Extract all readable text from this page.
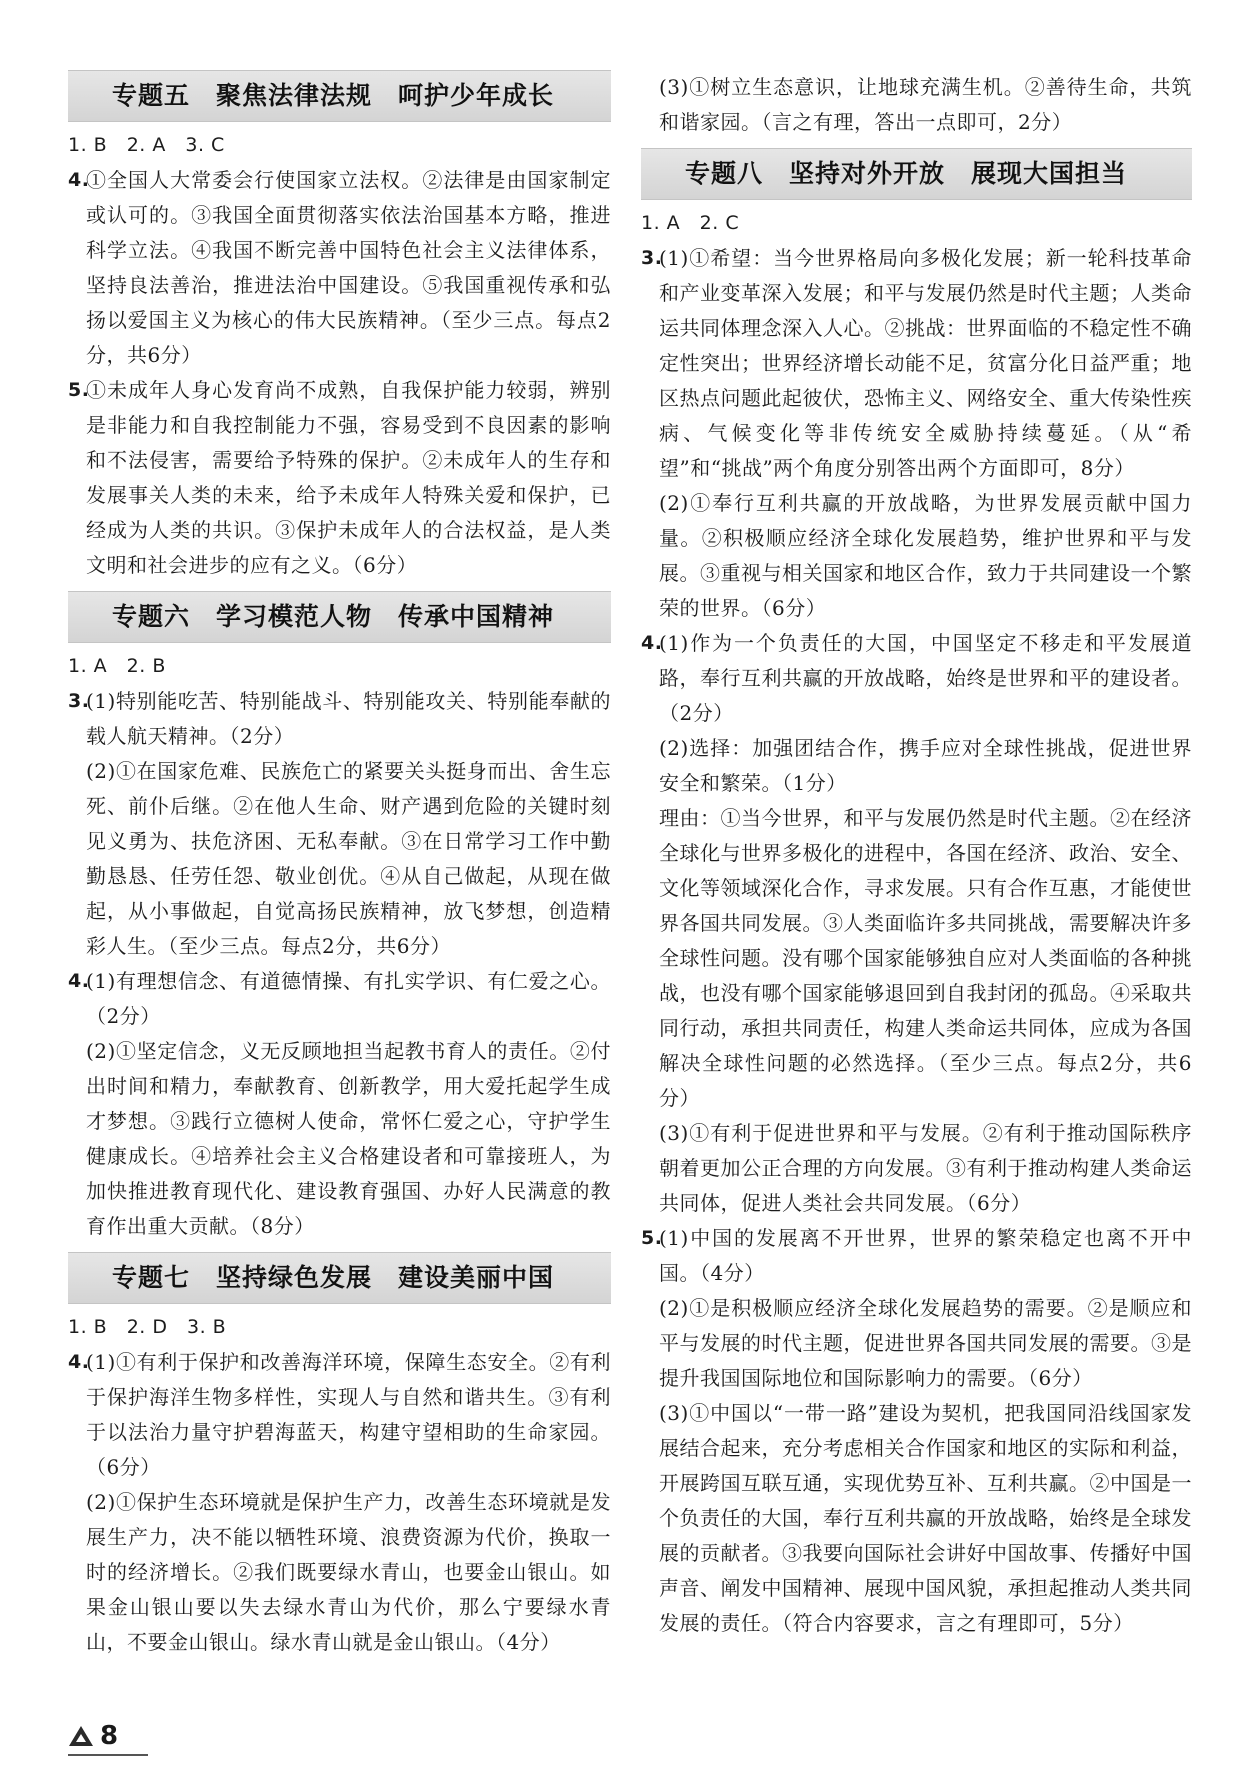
专题五　聚焦法律法规　呵护少年成长
1. B　2. A　3. C
4.
①全国人大常委会行使国家立法权。②法律是由国家制定或认可的。③我国全面贯彻落实依法治国基本方略，推进科学立法。④我国不断完善中国特色社会主义法律体系，坚持良法善治，推进法治中国建设。⑤我国重视传承和弘扬以爱国主义为核心的伟大民族精神。（至少三点。每点2分，共6分）
5.
①未成年人身心发育尚不成熟，自我保护能力较弱，辨别是非能力和自我控制能力不强，容易受到不良因素的影响和不法侵害，需要给予特殊的保护。②未成年人的生存和发展事关人类的未来，给予未成年人特殊关爱和保护，已经成为人类的共识。③保护未成年人的合法权益，是人类文明和社会进步的应有之义。（6分）
专题六　学习模范人物　传承中国精神
1. A　2. B
3.
(1)特别能吃苦、特别能战斗、特别能攻关、特别能奉献的载人航天精神。（2分）
(2)①在国家危难、民族危亡的紧要关头挺身而出、舍生忘死、前仆后继。②在他人生命、财产遇到危险的关键时刻见义勇为、扶危济困、无私奉献。③在日常学习工作中勤勤恳恳、任劳任怨、敬业创优。④从自己做起，从现在做起，从小事做起，自觉高扬民族精神，放飞梦想，创造精彩人生。（至少三点。每点2分，共6分）
4.
(1)有理想信念、有道德情操、有扎实学识、有仁爱之心。（2分）
(2)①坚定信念，义无反顾地担当起教书育人的责任。②付出时间和精力，奉献教育、创新教学，用大爱托起学生成才梦想。③践行立德树人使命，常怀仁爱之心，守护学生健康成长。④培养社会主义合格建设者和可靠接班人，为加快推进教育现代化、建设教育强国、办好人民满意的教育作出重大贡献。（8分）
专题七　坚持绿色发展　建设美丽中国
1. B　2. D　3. B
4.
(1)①有利于保护和改善海洋环境，保障生态安全。②有利于保护海洋生物多样性，实现人与自然和谐共生。③有利于以法治力量守护碧海蓝天，构建守望相助的生命家园。（6分）
(2)①保护生态环境就是保护生产力，改善生态环境就是发展生产力，决不能以牺牲环境、浪费资源为代价，换取一时的经济增长。②我们既要绿水青山，也要金山银山。如果金山银山要以失去绿水青山为代价，那么宁要绿水青山，不要金山银山。绿水青山就是金山银山。（4分）
(3)①树立生态意识，让地球充满生机。②善待生命，共筑和谐家园。（言之有理，答出一点即可，2分）
专题八　坚持对外开放　展现大国担当
1. A　2. C
3.
(1)①希望：当今世界格局向多极化发展；新一轮科技革命和产业变革深入发展；和平与发展仍然是时代主题；人类命运共同体理念深入人心。②挑战：世界面临的不稳定性不确定性突出；世界经济增长动能不足，贫富分化日益严重；地区热点问题此起彼伏，恐怖主义、网络安全、重大传染性疾病、气候变化等非传统安全威胁持续蔓延。（从“希望”和“挑战”两个角度分别答出两个方面即可，8分）
(2)①奉行互利共赢的开放战略，为世界发展贡献中国力量。②积极顺应经济全球化发展趋势，维护世界和平与发展。③重视与相关国家和地区合作，致力于共同建设一个繁荣的世界。（6分）
4.
(1)作为一个负责任的大国，中国坚定不移走和平发展道路，奉行互利共赢的开放战略，始终是世界和平的建设者。（2分）
(2)选择：加强团结合作，携手应对全球性挑战，促进世界安全和繁荣。（1分）
理由：①当今世界，和平与发展仍然是时代主题。②在经济全球化与世界多极化的进程中，各国在经济、政治、安全、文化等领域深化合作，寻求发展。只有合作互惠，才能使世界各国共同发展。③人类面临许多共同挑战，需要解决许多全球性问题。没有哪个国家能够独自应对人类面临的各种挑战，也没有哪个国家能够退回到自我封闭的孤岛。④采取共同行动，承担共同责任，构建人类命运共同体，应成为各国解决全球性问题的必然选择。（至少三点。每点2分，共6分）
(3)①有利于促进世界和平与发展。②有利于推动国际秩序朝着更加公正合理的方向发展。③有利于推动构建人类命运共同体，促进人类社会共同发展。（6分）
5.
(1)中国的发展离不开世界，世界的繁荣稳定也离不开中国。（4分）
(2)①是积极顺应经济全球化发展趋势的需要。②是顺应和平与发展的时代主题，促进世界各国共同发展的需要。③是提升我国国际地位和国际影响力的需要。（6分）
(3)①中国以“一带一路”建设为契机，把我国同沿线国家发展结合起来，充分考虑相关合作国家和地区的实际和利益，开展跨国互联互通，实现优势互补、互利共赢。②中国是一个负责任的大国，奉行互利共赢的开放战略，始终是全球发展的贡献者。③我要向国际社会讲好中国故事、传播好中国声音、阐发中国精神、展现中国风貌，承担起推动人类共同发展的责任。（符合内容要求，言之有理即可，5分）
8
